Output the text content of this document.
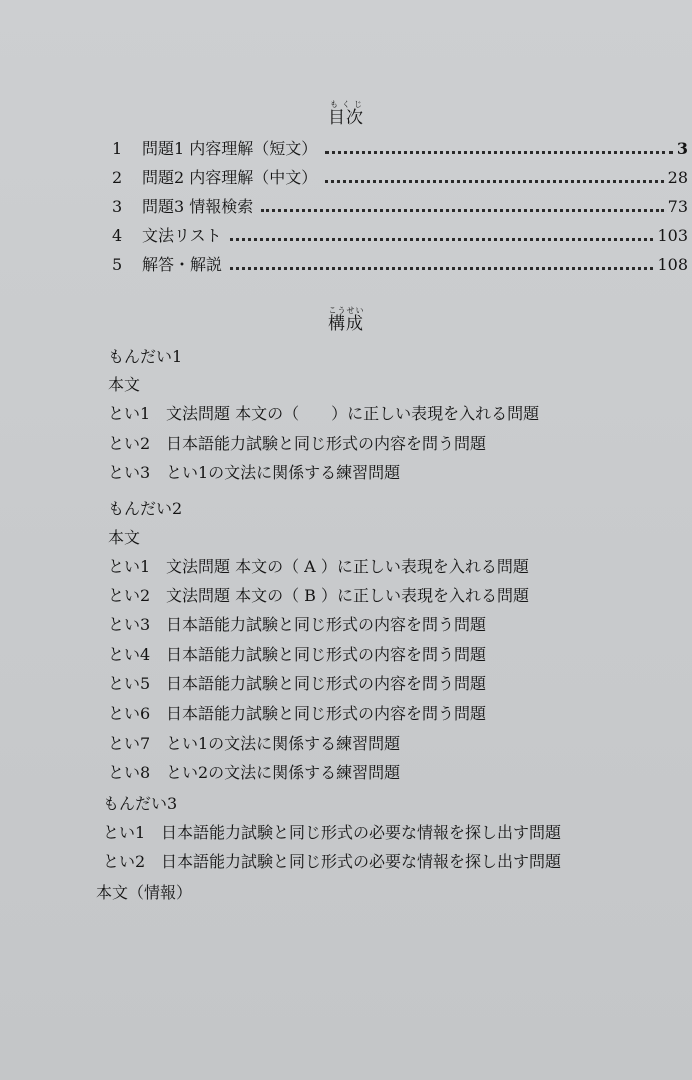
目次もくじ
1	問題1 内容理解（短文）	3
2	問題2 内容理解（中文）	28
3	問題3 情報検索	73
4	文法リスト	103
5	解答・解説	108
構成こうせい
もんだい1
本文
とい1 文法問題 本文の（　　）に正しい表現を入れる問題
とい2 日本語能力試験と同じ形式の内容を問う問題
とい3 とい1の文法に関係する練習問題
もんだい2
本文
とい1 文法問題 本文の（ A ）に正しい表現を入れる問題
とい2 文法問題 本文の（ B ）に正しい表現を入れる問題
とい3 日本語能力試験と同じ形式の内容を問う問題
とい4 日本語能力試験と同じ形式の内容を問う問題
とい5 日本語能力試験と同じ形式の内容を問う問題
とい6 日本語能力試験と同じ形式の内容を問う問題
とい7 とい1の文法に関係する練習問題
とい8 とい2の文法に関係する練習問題
もんだい3
とい1 日本語能力試験と同じ形式の必要な情報を探し出す問題
とい2 日本語能力試験と同じ形式の必要な情報を探し出す問題
本文（情報）
